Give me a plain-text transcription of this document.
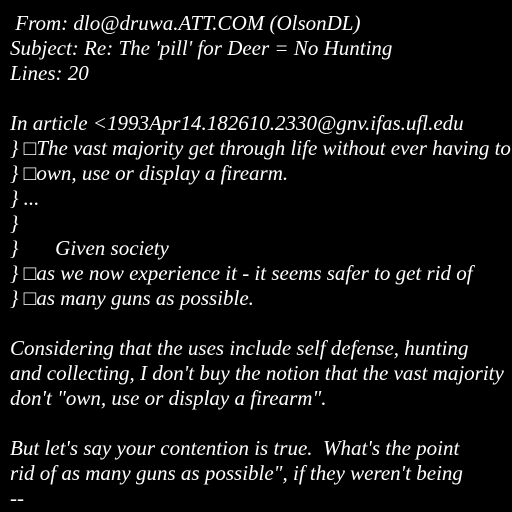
From: dlo@druwa.ATT.COM (OlsonDL)
Subject: Re: The 'pill' for Deer = No Hunting
Lines: 20
In article <1993Apr14.182610.2330@gnv.ifas.ufl.edu
} □The vast majority get through life without ever having to
} □own, use or display a firearm.
} ...
}
}       Given society
} □as we now experience it - it seems safer to get rid of
} □as many guns as possible.
Considering that the uses include self defense, hunting
and collecting, I don't buy the notion that the vast majority
don't "own, use or display a firearm".
But let's say your contention is true.  What's the point
rid of as many guns as possible", if they weren't being
--
